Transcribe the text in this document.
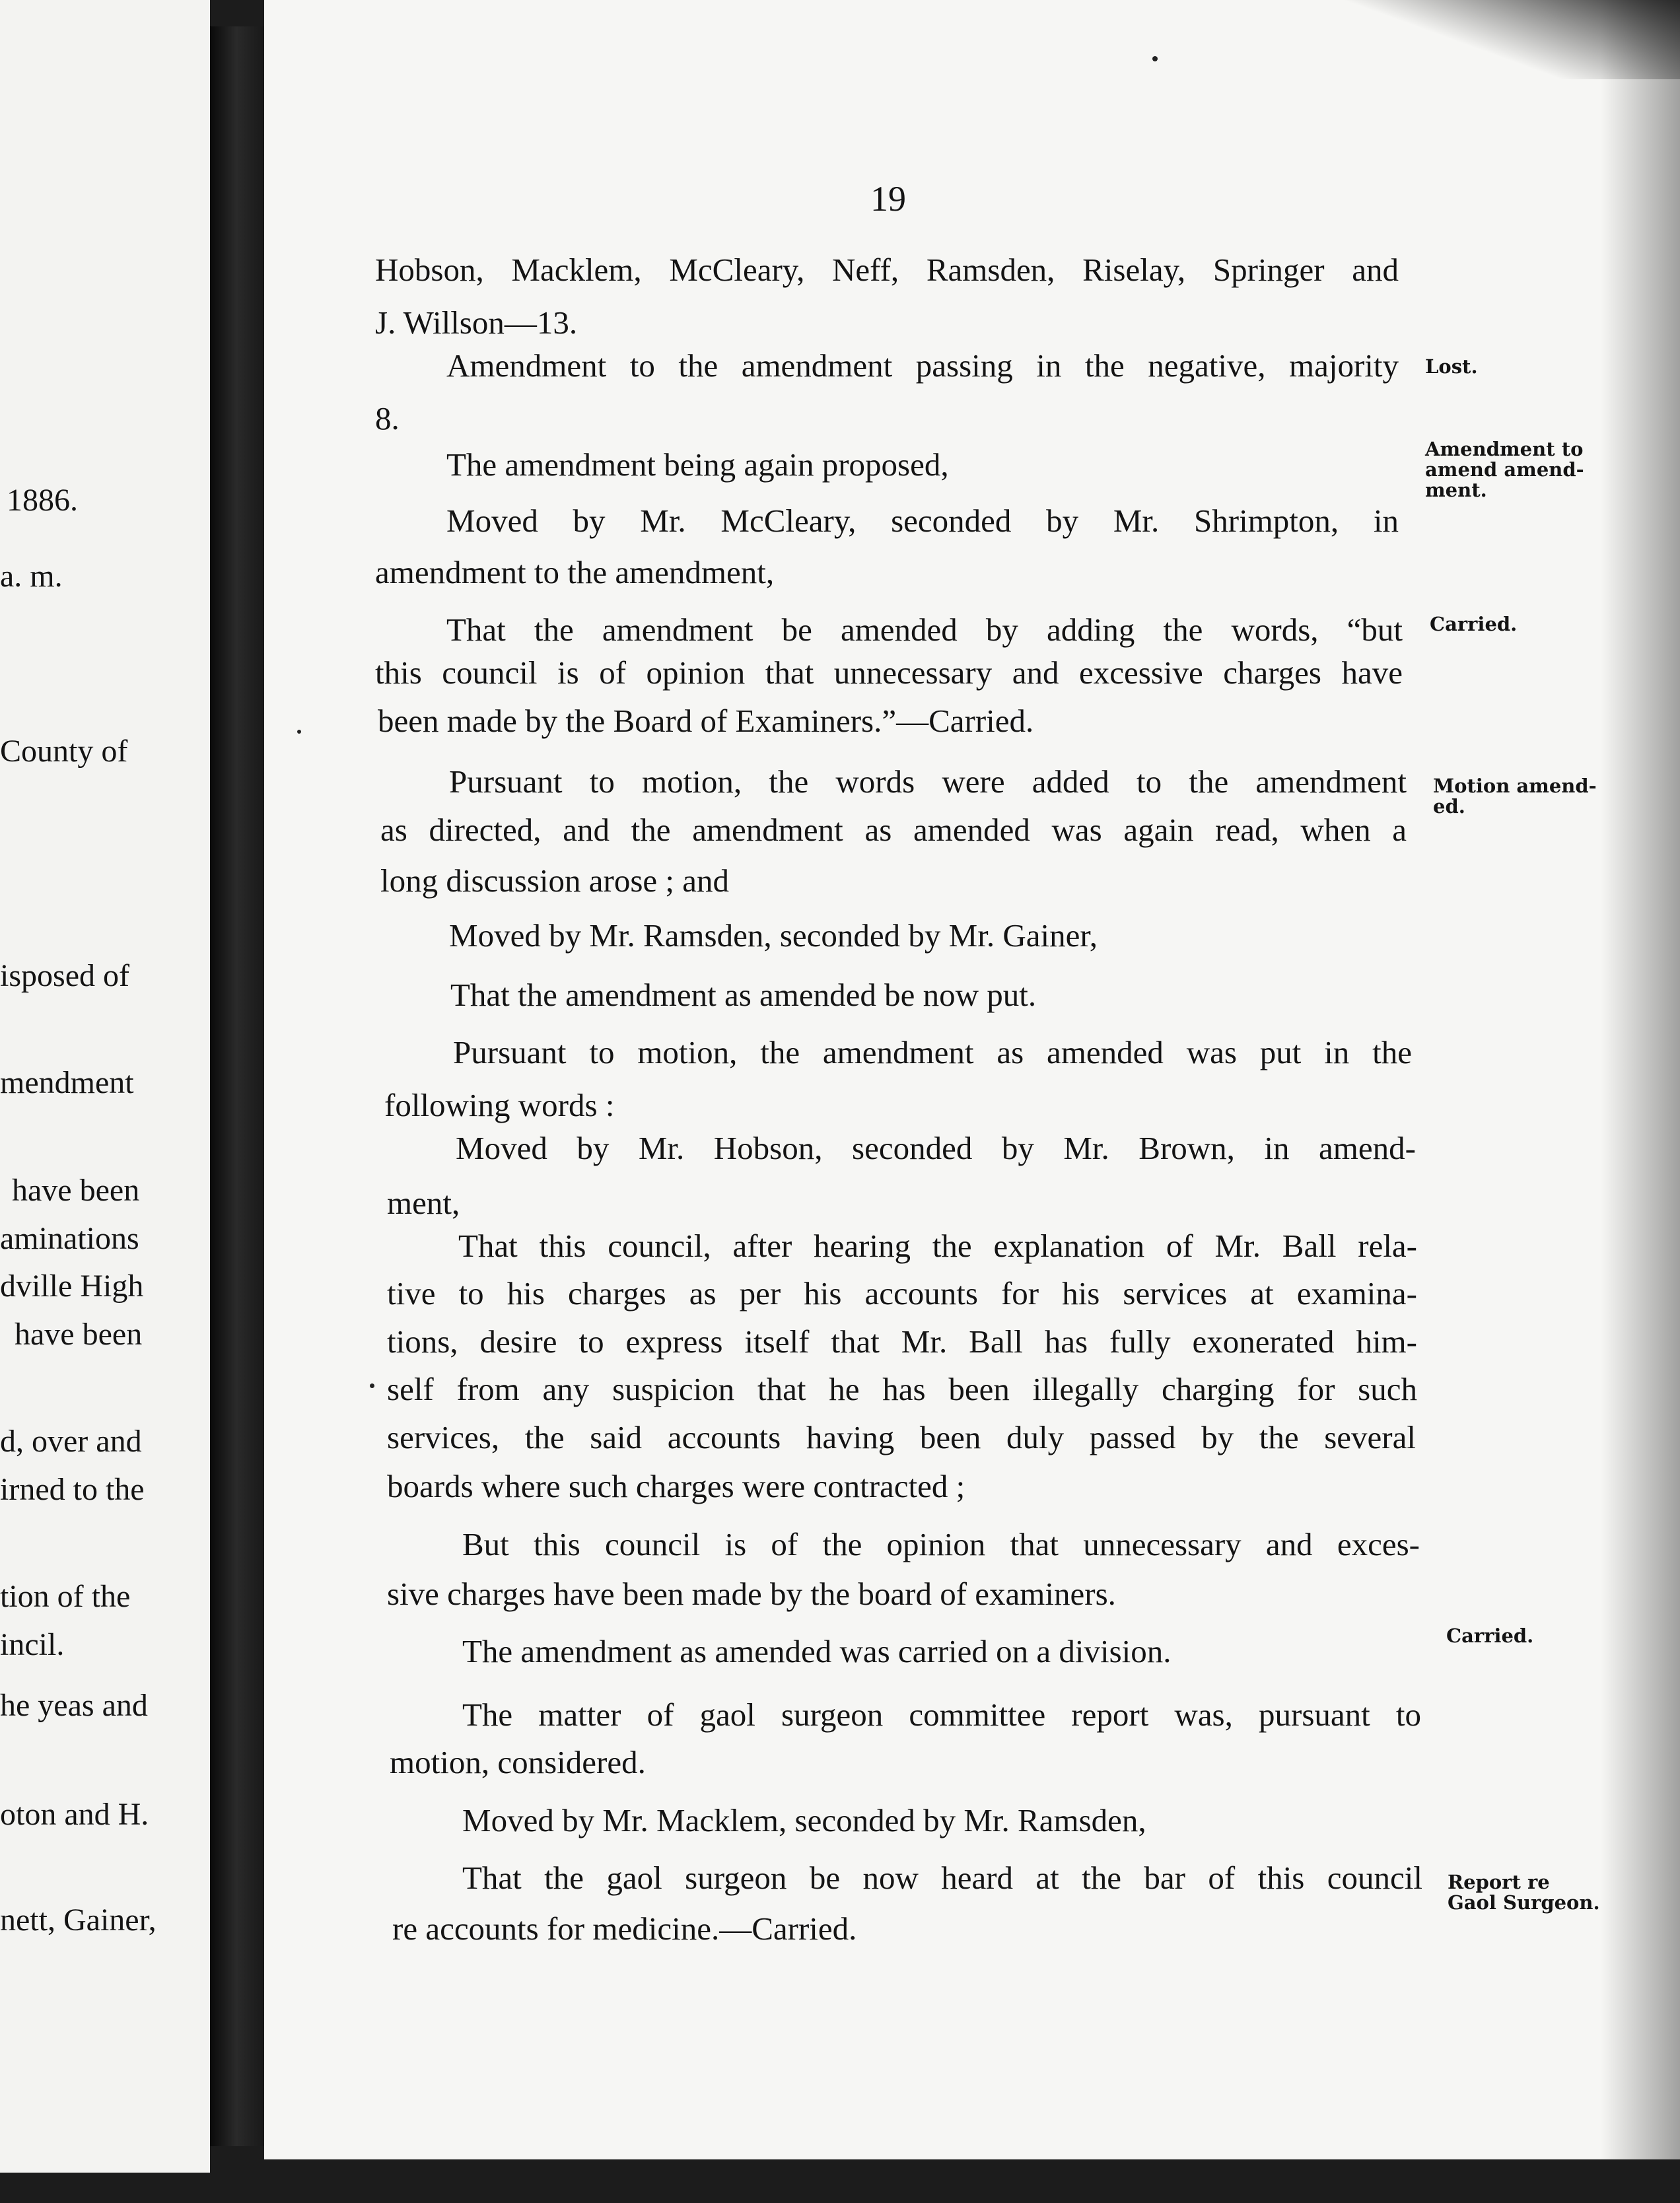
1886.
a. m.
County of
isposed of
mendment
have been
aminations
dville High
have been
d, over and
irned to the
tion of the
incil.
he yeas and
oton and H.
nett, Gainer,
19
Hobson, Macklem, McCleary, Neff, Ramsden, Riselay, Springer and
J. Willson—13.
Amendment to the amendment passing in the negative, majority
8.
The amendment being again proposed,
Moved by Mr. McCleary, seconded by Mr. Shrimpton, in
amendment to the amendment,
That the amendment be amended by adding the words, “but
this council is of opinion that unnecessary and excessive charges have
been made by the Board of Examiners.”—Carried.
Pursuant to motion, the words were added to the amendment
as directed, and the amendment as amended was again read, when a
long discussion arose ; and
Moved by Mr. Ramsden, seconded by Mr. Gainer,
That the amendment as amended be now put.
Pursuant to motion, the amendment as amended was put in the
following words :
Moved by Mr. Hobson, seconded by Mr. Brown, in amend-
ment,
That this council, after hearing the explanation of Mr. Ball rela-
tive to his charges as per his accounts for his services at examina-
tions, desire to express itself that Mr. Ball has fully exonerated him-
self from any suspicion that he has been illegally charging for such
services, the said accounts having been duly passed by the several
boards where such charges were contracted ;
But this council is of the opinion that unnecessary and exces-
sive charges have been made by the board of examiners.
The amendment as amended was carried on a division.
The matter of gaol surgeon committee report was, pursuant to
motion, considered.
Moved by Mr. Macklem, seconded by Mr. Ramsden,
That the gaol surgeon be now heard at the bar of this council
re accounts for medicine.—Carried.
Lost.
Amendment to
amend amend-
ment.
Carried.
Motion amend-
ed.
Carried.
Report re
Gaol Surgeon.
